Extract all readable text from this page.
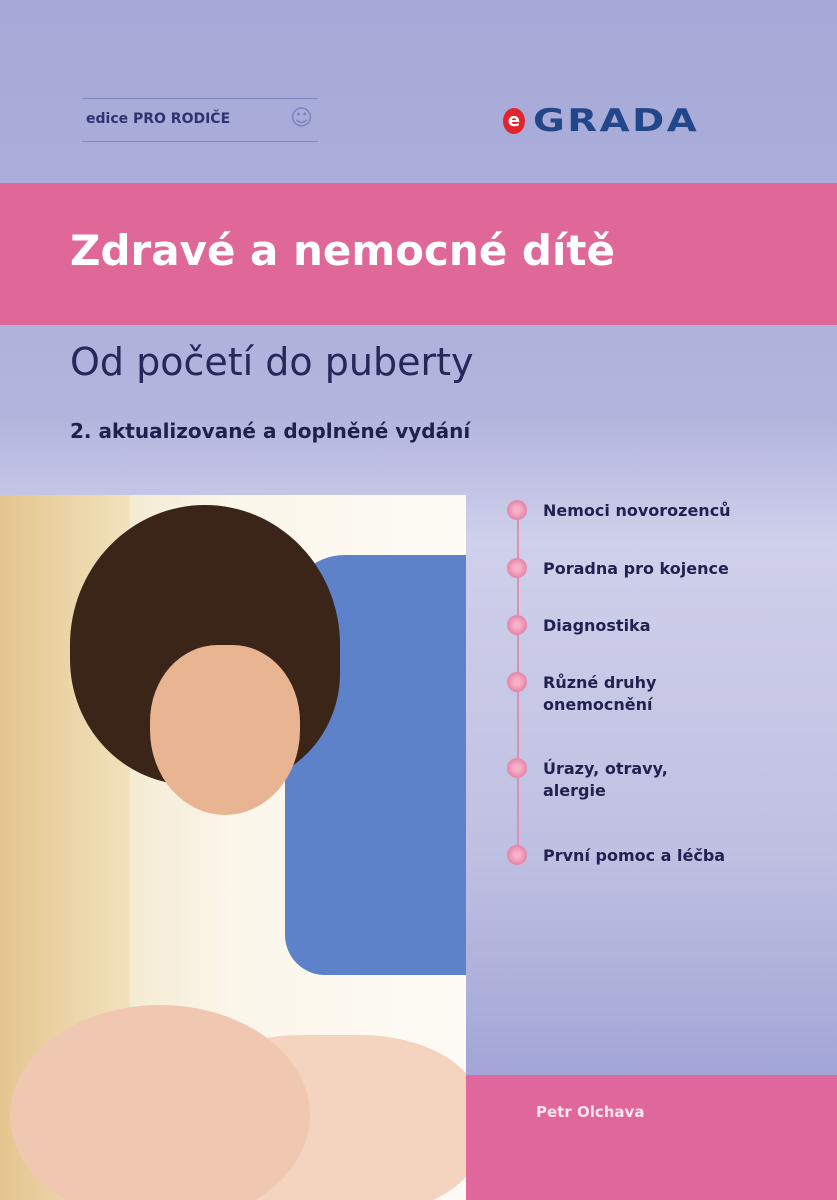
edice PRO RODIČE	☺	e GRADA
Zdravé a nemocné dítě
Od početí do puberty
2. aktualizované a doplněné vydání
Nemoci novorozenců
Poradna pro kojence
Diagnostika
Různé druhy onemocnění
Úrazy, otravy, alergie
První pomoc a léčba
Petr Olchava
